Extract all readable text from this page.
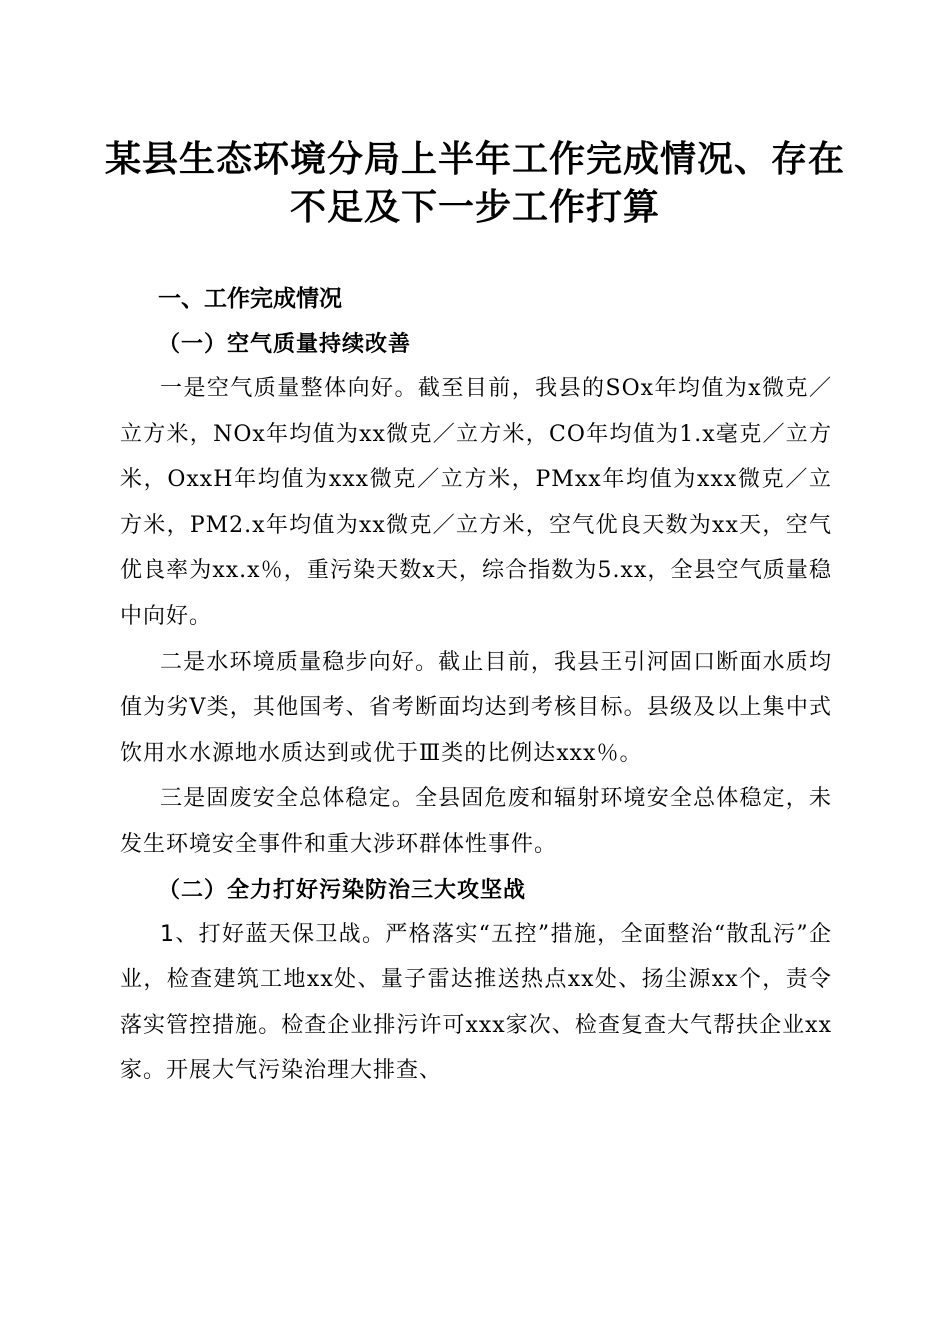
某县生态环境分局上半年工作完成情况、存在
不足及下一步工作打算
一、工作完成情况
（一）空气质量持续改善

一是空气质量整体向好。截至目前，我县的SOx年均值为x微克／立方米，NOx年均值为xx微克／立方米，CO年均值为1.x毫克／立方米，OxxH年均值为xxx微克／立方米，PMxx年均值为xxx微克／立方米，PM2.x年均值为xx微克／立方米，空气优良天数为xx天，空气优良率为xx.x％，重污染天数x天，综合指数为5.xx，全县空气质量稳中向好。

二是水环境质量稳步向好。截止目前，我县王引河固口断面水质均值为劣Ⅴ类，其他国考、省考断面均达到考核目标。县级及以上集中式饮用水水源地水质达到或优于Ⅲ类的比例达xxx％。

三是固废安全总体稳定。全县固危废和辐射环境安全总体稳定，未发生环境安全事件和重大涉环群体性事件。

（二）全力打好污染防治三大攻坚战

1、打好蓝天保卫战。严格落实“五控”措施，全面整治“散乱污”企业，检查建筑工地xx处、量子雷达推送热点xx处、扬尘源xx个，责令落实管控措施。检查企业排污许可xxx家次、检查复查大气帮扶企业xx家。开展大气污染治理大排查、
